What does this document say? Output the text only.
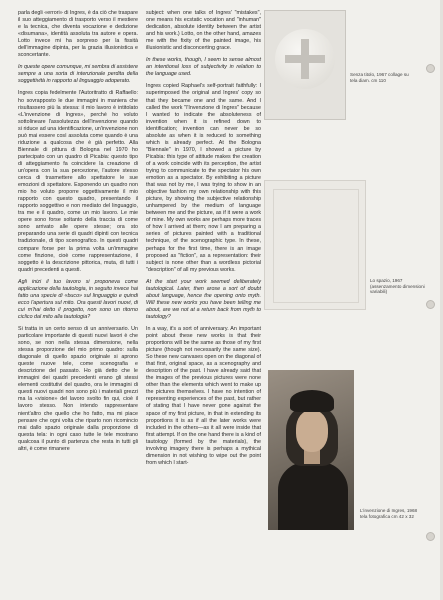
parla degli «errori» di Ingres, è da ciò che traspare il suo atteggiamento di trasporto verso il mestiere e la tecnica, che diventa vocazione e dedizione «disumana», identità assoluta tra autore e opera. Lotto invece mi ha sorpreso per la fissità dell'immagine dipinta, per la grazia illusionistica e sconcertante.

In queste opere comunque, mi sembra di assistere sempre a una sorta di intenzionale perdita della soggettività in rapporto al linguaggio adoperato.

Ingres copia fedelmente l'Autoritratto di Raffaello: ho sovrapposto le due immagini in maniera che risultassero più la stessa: il mio lavoro è intitolato «L'invenzione di Ingres», perché ho voluto sottolineare l'assolutezza dell'invenzione quando si riduce ad una identificazione, un'invenzione non può mai essere così assoluta come quando è una riduzione a qualcosa che è già perfetto. Alla Biennale di pittura di Bologna nel 1970 ho partecipato con un quadro di Picabia: questo tipo di atteggiamento fa coincidere la creazione di un'opera con la sua percezione, l'autore stesso cerca di trasmettere allo spettatore le sue emozioni di spettatore. Esponendo un quadro non mio ho voluto proporre oggettivamente il mio rapporto con questo quadro, presentando il rapporto soggettivo e non mediato del linguaggio, tra me e il quadro, come un mio lavoro. Le mie opere sono forse soltanto della traccia di come sono arrivato alle opere stesse; ora sto preparando una serie di quadri dipinti con tecnica tradizionale, di tipo scenografico. In questi quadri compare forse per la prima volta un'immagine come finzione, cioè come rappresentazione, il soggetto è la descrizione pittorica, muta, di tutti i quadri precedenti a questi.

Agli inizi il tuo lavoro si proponeva come applicazione della tautologia, in seguito invece hai fatto una specie di «buco» sul linguaggio e quindi ecco l'apertura sul mito. Ora questi lavori nuovi, di cui m'hai detto il progetto, non sono un ritorno ciclico dal mito alla tautologia?

Si tratta in un certo senso di un anniversario. Un particolare importante di questi nuovi lavori è che sono, se non nella stessa dimensione, nella stessa proporzione del mio primo quadro: sulla diagonale di quello spazio originale si aprono queste nuove tele, come scenografia e descrizione del passato. Ho già detto che le immagini dei quadri precedenti erano gli stessi elementi costitutivi del quadro, ora le immagini di questi nuovi quadri non sono più i materiali grezzi ma la «visione» del lavoro svolto fin qui, cioè il lavoro stesso. Non intendo rappresentare nient'altro che quello che ho fatto, ma mi piace pensare che ogni volta che riparto non ricomincio mai dallo spazio originale dalla proporzione di questa tela: in ogni caso tutte le tele mostrano qualcosa il punto di partenza che resta in tutti gli altri, è come rimanere

subject: when one talks of Ingres' "mistakes", one means his ecstatic vocation and "inhuman" dedication, absolute identity between the artist and his work.) Lotto, on the other hand, amazes me with the fixity of the painted image, his illusionistic and disconcerting grace.

In these works, though, I seem to sense almost an intentional loss of subjectivity in relation to the language used.

Ingres copied Raphael's self-portrait faithfully: I superimposed the original and Ingres' copy so that they became one and the same. And I called the work "l'Invenzione di Ingres" because I wanted to indicate the absoluteness of invention when it is refined down to identification; invention can never be so absolute as when it is reduced to something which is already perfect. At the Bologna "Biennale" in 1970, I showed a picture by Picabia: this type of attitude makes the creation of a work coincide with its perception, the artist trying to communicate to the spectator his own emotion as a spectator. By exhibiting a picture that was not by me, I was trying to show in an objective fashion my own relationship with this picture, by showing the subjective relationship unhampered by the medium of language between me and the picture, as if it were a work of mine. My own works are perhaps more traces of how I arrived at them; now I am preparing a series of pictures painted with a traditional technique, of the scenographic type. In these, perhaps for the first time, there is an image proposed as "fiction", as a representation: their subject is none other than a wordless pictorial "description" of all my previous works.

At the start your work seemed deliberately tautological. Later, then arose a sort of doubt about language, hence the opening onto myth. Will these new works you have been telling me about, are we not at a return back from myth to tautology?

In a way, it's a sort of anniversary. An important point about these new works is that their proportions will be the same as those of my first picture (though not necessarily the same size). So these new canvases open on the diagonal of that first, original space, as a scenography and description of the past. I have already said that the images of the previous pictures were none other than the elements which went to make up the pictures themselves. I have no intention of representing experiences of the past, but rather of stating that I have never gone against the space of my first picture, in that in extending its proportions it is as if all the later works were included in the others—as it all were inside that first attempt. If on the one hand there is a kind of tautology (formed by the materials), the involving imagery there is perhaps a mythical dimension in not wishing to wipe out the point from which I start-

Senza titolo, 1967 collage su tela diam. cm 110
Lo spazio, 1967 (assenzamento dimensioni variabili)
L'invenzione di Ingres, 1968 tela fotografica cm 42 x 32
